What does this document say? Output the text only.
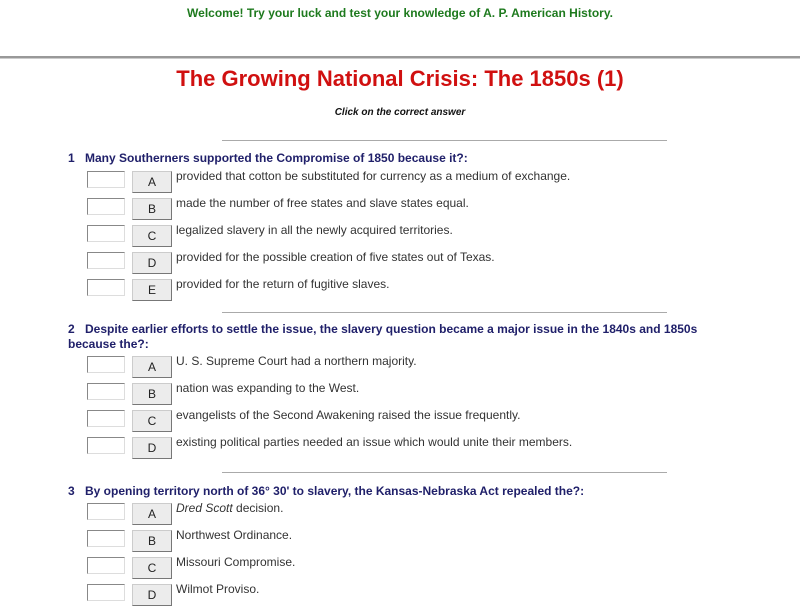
Welcome! Try your luck and test your knowledge of A. P. American History.
The Growing National Crisis: The 1850s (1)
Click on the correct answer
1 Many Southerners supported the Compromise of 1850 because it?:
A	provided that cotton be substituted for currency as a medium of exchange.
B	made the number of free states and slave states equal.
C	legalized slavery in all the newly acquired territories.
D	provided for the possible creation of five states out of Texas.
E	provided for the return of fugitive slaves.
2 Despite earlier efforts to settle the issue, the slavery question became a major issue in the 1840s and 1850s because the?:
A	U. S. Supreme Court had a northern majority.
B	nation was expanding to the West.
C	evangelists of the Second Awakening raised the issue frequently.
D	existing political parties needed an issue which would unite their members.
3 By opening territory north of 36° 30' to slavery, the Kansas-Nebraska Act repealed the?:
A	Dred Scott decision.
B	Northwest Ordinance.
C	Missouri Compromise.
D	Wilmot Proviso.
